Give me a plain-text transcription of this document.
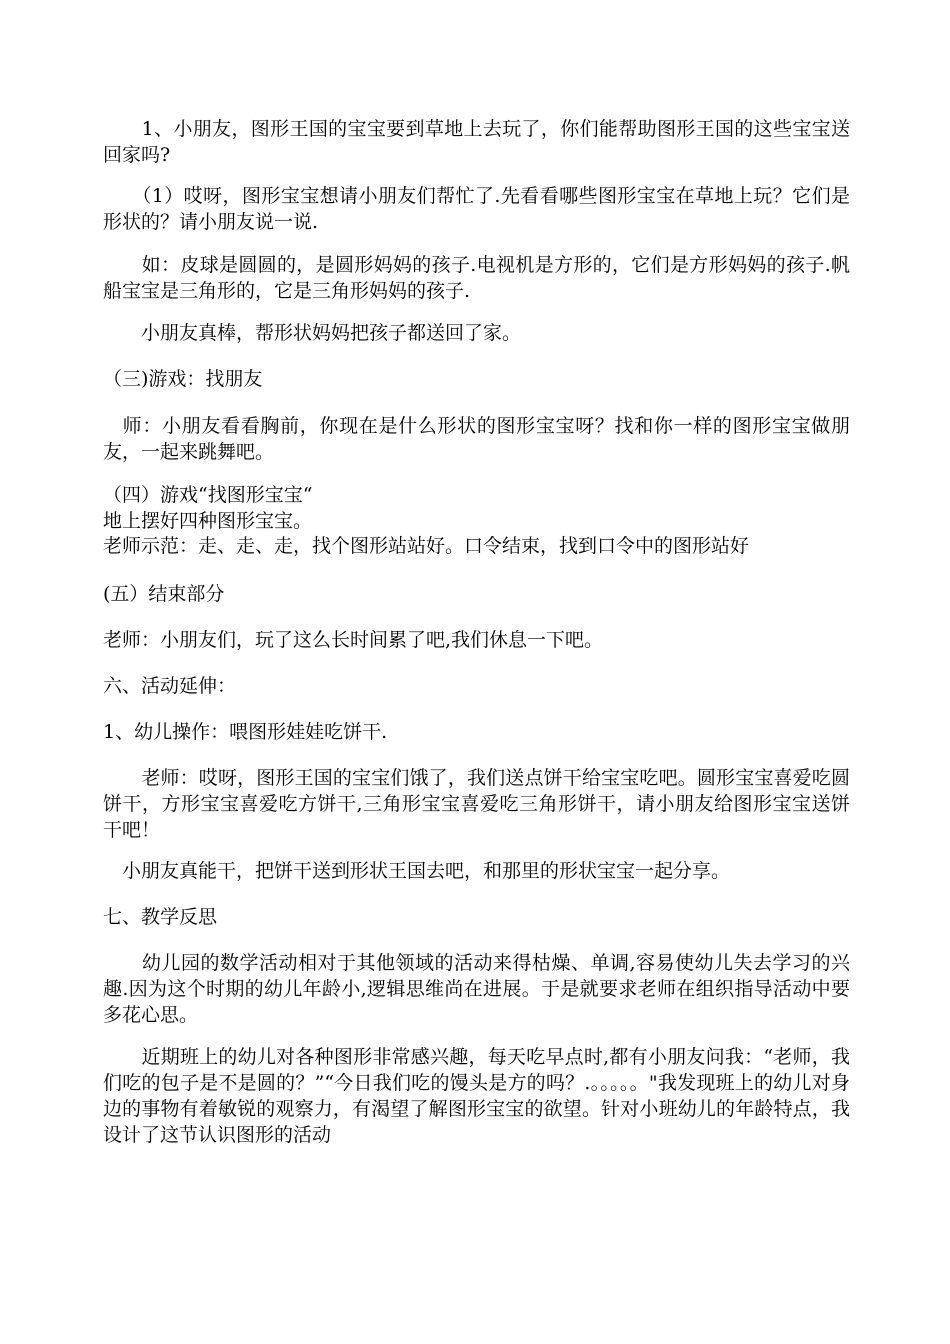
　　1、小朋友，图形王国的宝宝要到草地上去玩了，你们能帮助图形王国的这些宝宝送回家吗?

　　（1）哎呀，图形宝宝想请小朋友们帮忙了.先看看哪些图形宝宝在草地上玩？它们是形状的？请小朋友说一说.

　　如：皮球是圆圆的，是圆形妈妈的孩子.电视机是方形的，它们是方形妈妈的孩子.帆船宝宝是三角形的，它是三角形妈妈的孩子.

　　小朋友真棒，帮形状妈妈把孩子都送回了家。

（三)游戏：找朋友

　师：小朋友看看胸前，你现在是什么形状的图形宝宝呀？找和你一样的图形宝宝做朋友，一起来跳舞吧。

（四）游戏“找图形宝宝“

地上摆好四种图形宝宝。

老师示范：走、走、走，找个图形站站好。口令结束，找到口令中的图形站好

(五）结束部分

老师：小朋友们，玩了这么长时间累了吧,我们休息一下吧。

六、活动延伸：

1、幼儿操作：喂图形娃娃吃饼干.

　　老师：哎呀，图形王国的宝宝们饿了，我们送点饼干给宝宝吃吧。圆形宝宝喜爱吃圆饼干，方形宝宝喜爱吃方饼干,三角形宝宝喜爱吃三角形饼干，请小朋友给图形宝宝送饼干吧！

　小朋友真能干，把饼干送到形状王国去吧，和那里的形状宝宝一起分享。

七、教学反思

　　幼儿园的数学活动相对于其他领域的活动来得枯燥、单调,容易使幼儿失去学习的兴趣.因为这个时期的幼儿年龄小,逻辑思维尚在进展。于是就要求老师在组织指导活动中要多花心思。

　　近期班上的幼儿对各种图形非常感兴趣，每天吃早点时,都有小朋友问我：“老师，我们吃的包子是不是圆的？”“今日我们吃的馒头是方的吗？.。。。。。"我发现班上的幼儿对身边的事物有着敏锐的观察力，有渴望了解图形宝宝的欲望。针对小班幼儿的年龄特点，我设计了这节认识图形的活动
